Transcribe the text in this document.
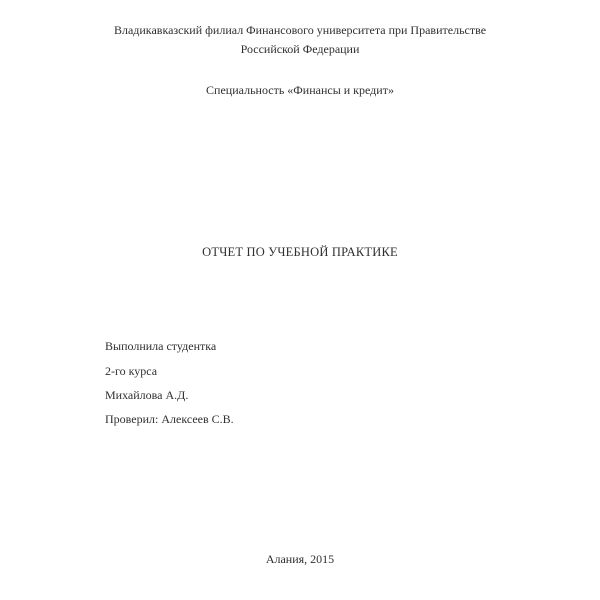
Владикавказский филиал Финансового университета при Правительстве
Российской Федерации
Специальность «Финансы и кредит»
ОТЧЕТ ПО УЧЕБНОЙ ПРАКТИКЕ
Выполнила студентка
2-го курса
Михайлова А.Д.
Проверил: Алексеев С.В.
Алания, 2015
